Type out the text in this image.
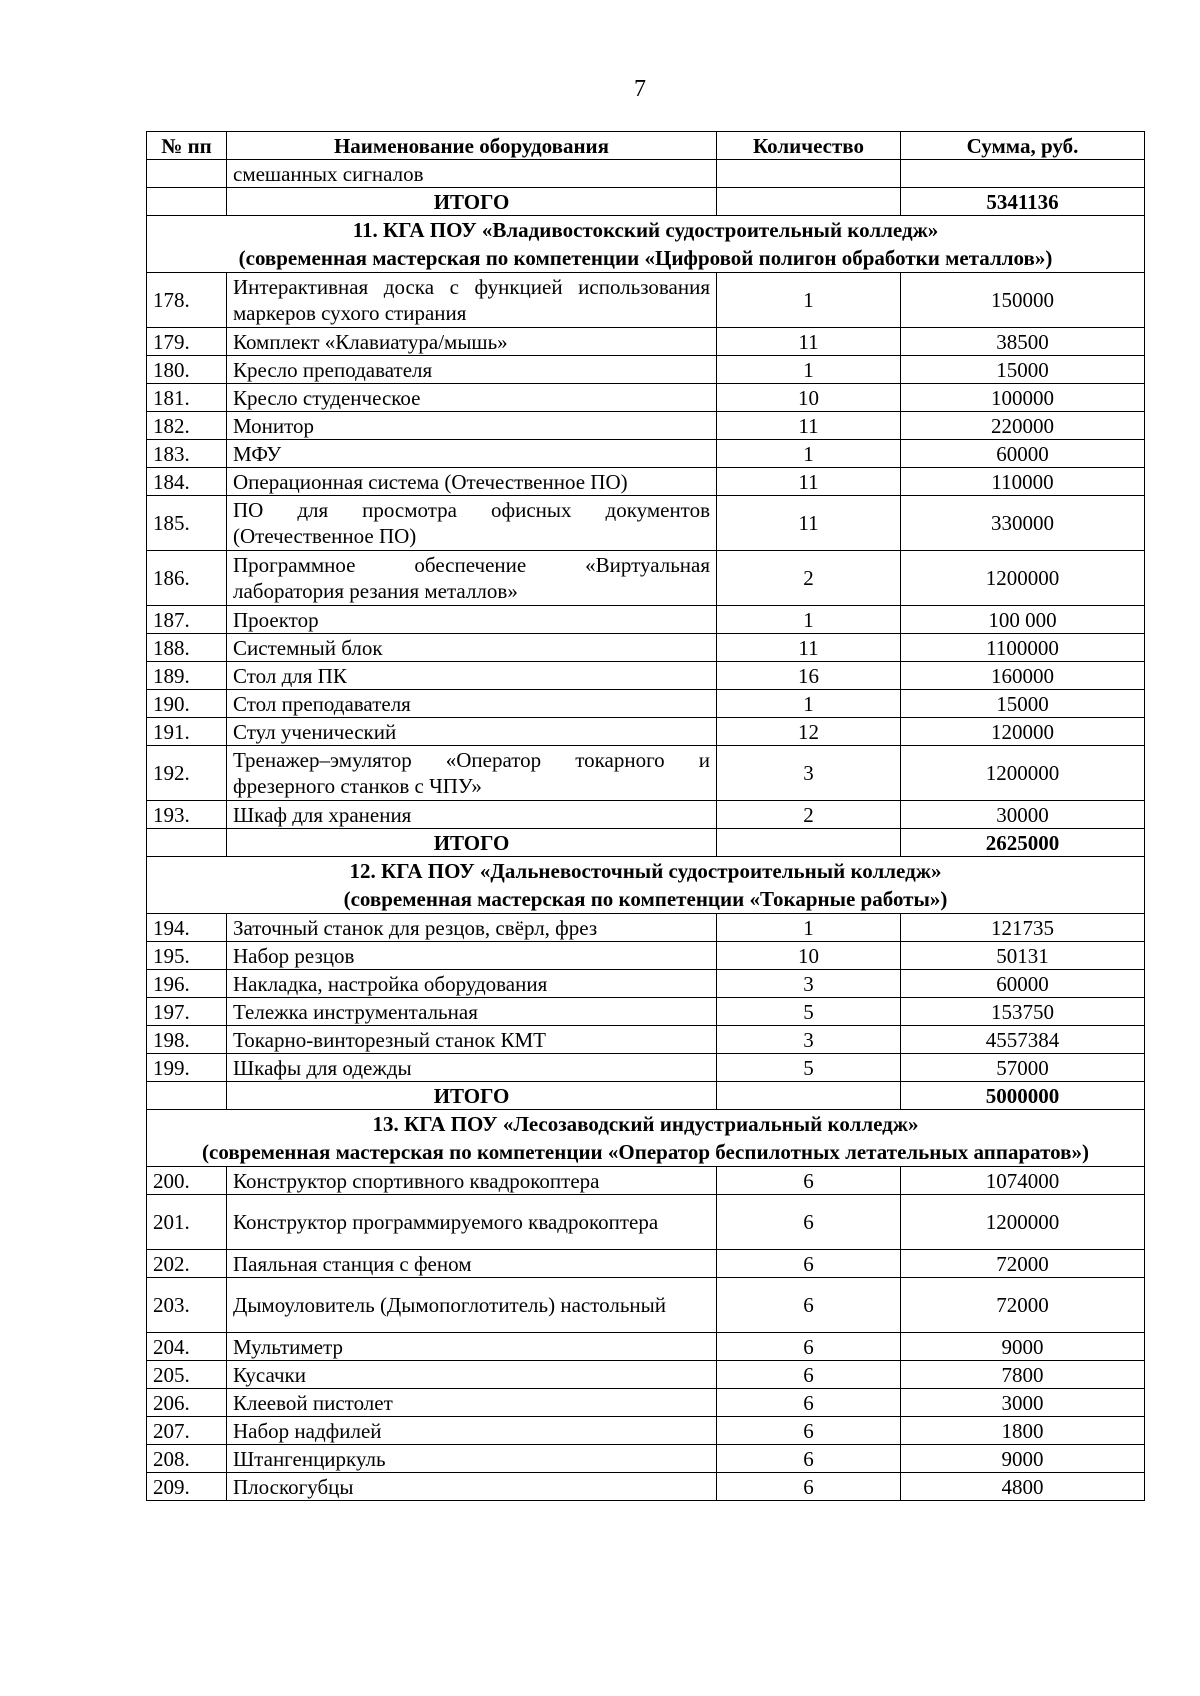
7
№ пп	Наименование оборудования	Количество	Сумма, руб.
	смешанных сигналов		
	ИТОГО		5341136

11. КГА ПОУ «Владивостокский судостроительный колледж»
(современная мастерская по компетенции «Цифровой полигон обработки металлов»)			

178.	Интерактивная доска с функцией использования маркеров сухого стирания	1	150000
179.	Комплект «Клавиатура/мышь»	11	38500
180.	Кресло преподавателя	1	15000
181.	Кресло студенческое	10	100000
182.	Монитор	11	220000
183.	МФУ	1	60000
184.	Операционная система (Отечественное ПО)	11	110000
185.	ПО для просмотра офисных документов (Отечественное ПО)	11	330000
186.	Программное обеспечение «Виртуальная лаборатория резания металлов»	2	1200000
187.	Проектор	1	100 000
188.	Системный блок	11	1100000
189.	Стол для ПК	16	160000
190.	Стол преподавателя	1	15000
191.	Стул ученический	12	120000
192.	Тренажер–эмулятор «Оператор токарного и фрезерного станков с ЧПУ»	3	1200000
193.	Шкаф для хранения	2	30000
	ИТОГО		2625000

12. КГА ПОУ «Дальневосточный судостроительный колледж»
(современная мастерская по компетенции «Токарные работы»)			

194.	Заточный станок для резцов, свёрл, фрез	1	121735
195.	Набор резцов	10	50131
196.	Накладка, настройка оборудования	3	60000
197.	Тележка инструментальная	5	153750
198.	Токарно-винторезный станок КМТ	3	4557384
199.	Шкафы для одежды	5	57000
	ИТОГО		5000000

13. КГА ПОУ «Лесозаводский индустриальный колледж»
(современная мастерская по компетенции «Оператор беспилотных летательных аппаратов»)			

200.	Конструктор спортивного квадрокоптера	6	1074000
201.	Конструктор программируемого квадрокоптера	6	1200000
202.	Паяльная станция с феном	6	72000
203.	Дымоуловитель (Дымопоглотитель) настольный	6	72000
204.	Мультиметр	6	9000
205.	Кусачки	6	7800
206.	Клеевой пистолет	6	3000
207.	Набор надфилей	6	1800
208.	Штангенциркуль	6	9000
209.	Плоскогубцы	6	4800
